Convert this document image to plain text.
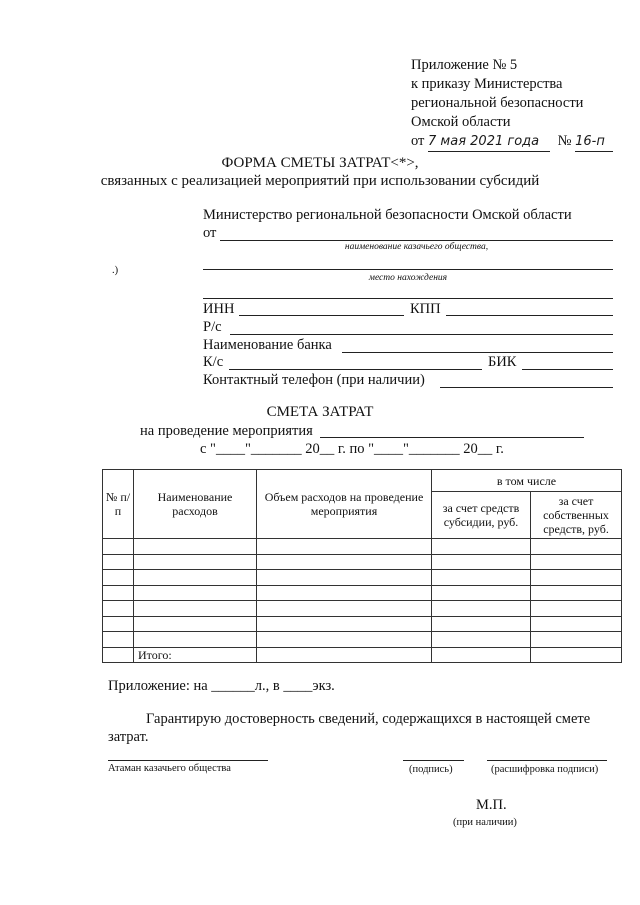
Приложение № 5
к приказу Министерства
региональной безопасности
Омской области
от 7 мая 2021 года № 16-п
ФОРМА СМЕТЫ ЗАТРАТ<*>,
связанных с реализацией мероприятий при использовании субсидий
Министерство региональной безопасности Омской области
от
наименование казачьего общества,
.)
место нахождения
ИНН	КПП
Р/с
Наименование банка
К/с	БИК
Контактный телефон (при наличии)
СМЕТА ЗАТРАТ
на проведение мероприятия
с "____"_______ 20__ г. по "____"_______ 20__ г.
№ п/п	Наименование расходов	Объем расходов на проведение мероприятия	в том числе	
			за счет средств субсидии, руб.	за счет собственных средств, руб.

	Итого:			
Приложение: на ______л., в ____экз.
Гарантирую достоверность сведений, содержащихся в настоящей смете
затрат.
Атаман казачьего общества	(подпись)	(расшифровка подписи)
М.П.
(при наличии)
